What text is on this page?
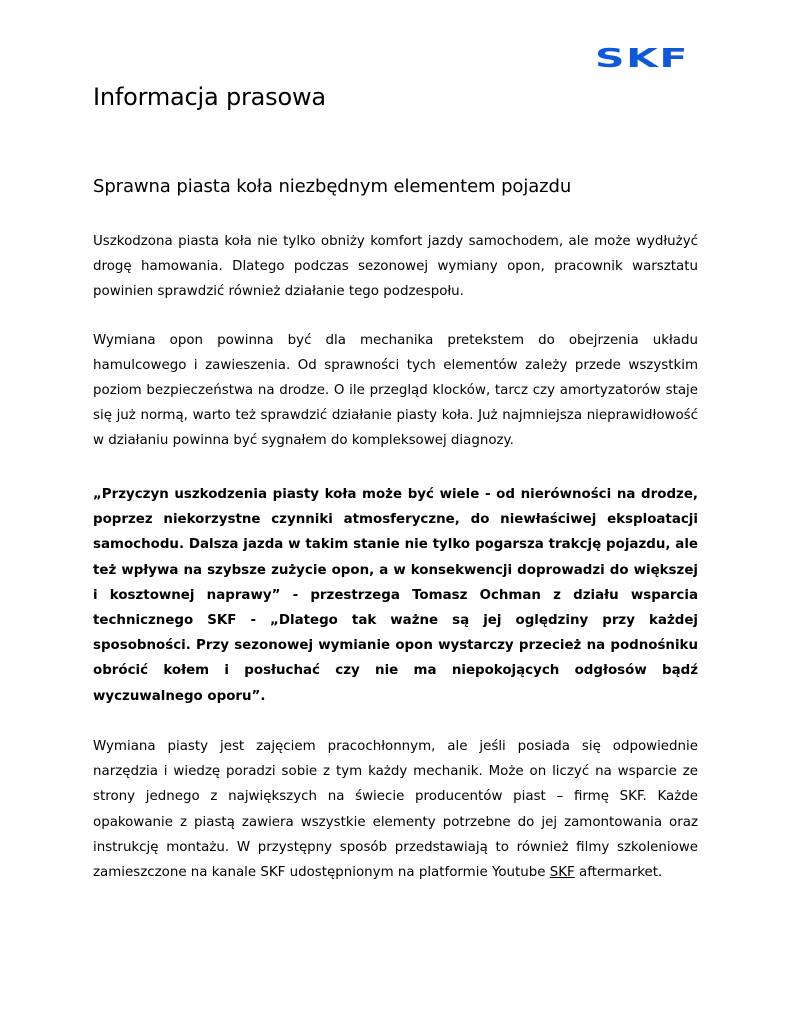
SKF
Informacja prasowa
Sprawna piasta koła niezbędnym elementem pojazdu

Uszkodzona piasta koła nie tylko obniży komfort jazdy samochodem, ale może wydłużyć drogę hamowania. Dlatego podczas sezonowej wymiany opon, pracownik warsztatu powinien sprawdzić również działanie tego podzespołu.

Wymiana opon powinna być dla mechanika pretekstem do obejrzenia układu hamulcowego i zawieszenia. Od sprawności tych elementów zależy przede wszystkim poziom bezpieczeństwa na drodze. O ile przegląd klocków, tarcz czy amortyzatorów staje się już normą, warto też sprawdzić działanie piasty koła. Już najmniejsza nieprawidłowość w działaniu powinna być sygnałem do kompleksowej diagnozy.

„Przyczyn uszkodzenia piasty koła może być wiele - od nierówności na drodze, poprzez niekorzystne czynniki atmosferyczne, do niewłaściwej eksploatacji samochodu. Dalsza jazda w takim stanie nie tylko pogarsza trakcję pojazdu, ale też wpływa na szybsze zużycie opon, a w konsekwencji doprowadzi do większej i kosztownej naprawy” - przestrzega Tomasz Ochman z działu wsparcia technicznego SKF - „Dlatego tak ważne są jej oględziny przy każdej sposobności. Przy sezonowej wymianie opon wystarczy przecież na podnośniku obrócić kołem i posłuchać czy nie ma niepokojących odgłosów bądź wyczuwalnego oporu”.

Wymiana piasty jest zajęciem pracochłonnym, ale jeśli posiada się odpowiednie narzędzia i wiedzę poradzi sobie z tym każdy mechanik. Może on liczyć na wsparcie ze strony jednego z największych na świecie producentów piast – firmę SKF. Każde opakowanie z piastą zawiera wszystkie elementy potrzebne do jej zamontowania oraz instrukcję montażu. W przystępny sposób przedstawiają to również filmy szkoleniowe zamieszczone na kanale SKF udostępnionym na platformie Youtube SKF aftermarket.
